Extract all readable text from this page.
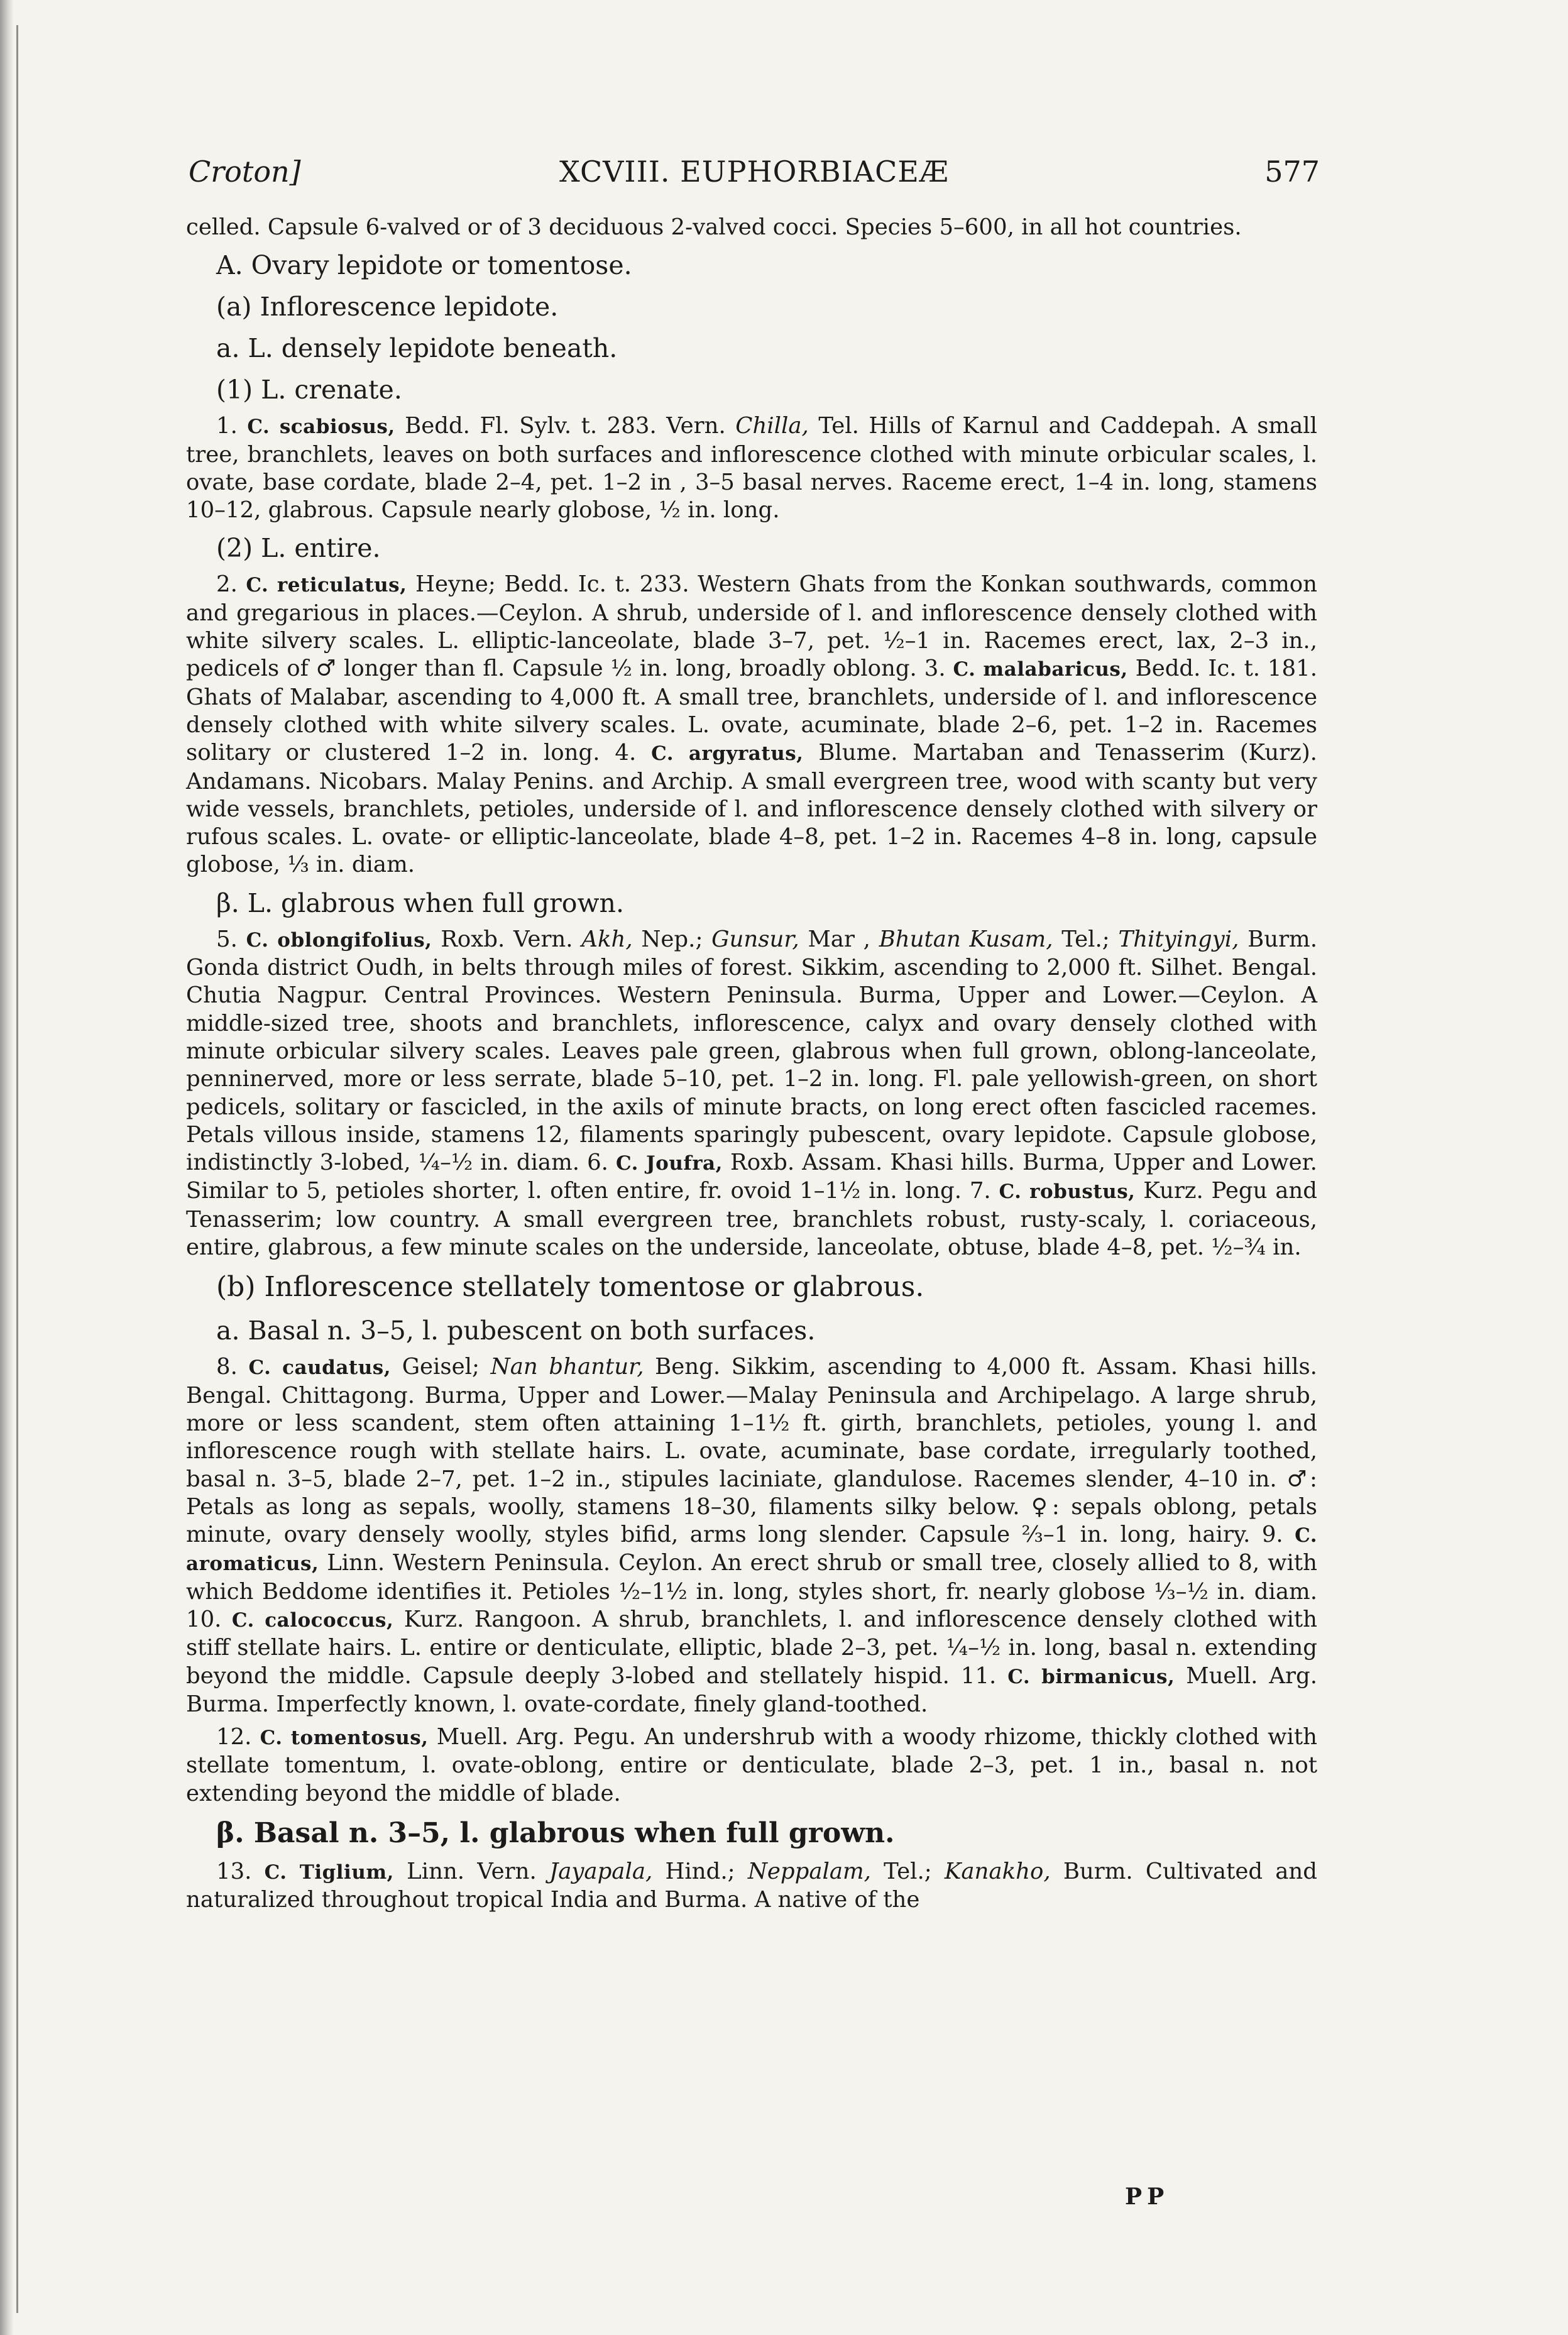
XCVIII. EUPHORBIACEÆ
Croton]	577

celled. Capsule 6-valved or of 3 deciduous 2-valved cocci. Species 5–600, in all hot countries.

A. Ovary lepidote or tomentose.

(a) Inflorescence lepidote.

a. L. densely lepidote beneath.

(1) L. crenate.

1. C. scabiosus, Bedd. Fl. Sylv. t. 283. Vern. Chilla, Tel. Hills of Karnul and Caddepah. A small tree, branchlets, leaves on both surfaces and inflorescence clothed with minute orbicular scales, l. ovate, base cordate, blade 2–4, pet. 1–2 in , 3–5 basal nerves. Raceme erect, 1–4 in. long, stamens 10–12, glabrous. Capsule nearly globose, ½ in. long.

(2) L. entire.

2. C. reticulatus, Heyne; Bedd. Ic. t. 233. Western Ghats from the Konkan southwards, common and gregarious in places.—Ceylon. A shrub, underside of l. and inflorescence densely clothed with white silvery scales. L. elliptic-lanceolate, blade 3–7, pet. ½–1 in. Racemes erect, lax, 2–3 in., pedicels of ♂ longer than fl. Capsule ½ in. long, broadly oblong. 3. C. malabaricus, Bedd. Ic. t. 181. Ghats of Malabar, ascending to 4,000 ft. A small tree, branchlets, underside of l. and inflorescence densely clothed with white silvery scales. L. ovate, acuminate, blade 2–6, pet. 1–2 in. Racemes solitary or clustered 1–2 in. long. 4. C. argyratus, Blume. Martaban and Tenasserim (Kurz). Andamans. Nicobars. Malay Penins. and Archip. A small evergreen tree, wood with scanty but very wide vessels, branchlets, petioles, underside of l. and inflorescence densely clothed with silvery or rufous scales. L. ovate- or elliptic-lanceolate, blade 4–8, pet. 1–2 in. Racemes 4–8 in. long, capsule globose, ⅓ in. diam.

β. L. glabrous when full grown.

5. C. oblongifolius, Roxb. Vern. Akh, Nep.; Gunsur, Mar , Bhutan Kusam, Tel.; Thityingyi, Burm. Gonda district Oudh, in belts through miles of forest. Sikkim, ascending to 2,000 ft. Silhet. Bengal. Chutia Nagpur. Central Provinces. Western Peninsula. Burma, Upper and Lower.—Ceylon. A middle-sized tree, shoots and branchlets, inflorescence, calyx and ovary densely clothed with minute orbicular silvery scales. Leaves pale green, glabrous when full grown, oblong-lanceolate, penninerved, more or less serrate, blade 5–10, pet. 1–2 in. long. Fl. pale yellowish-green, on short pedicels, solitary or fascicled, in the axils of minute bracts, on long erect often fascicled racemes. Petals villous inside, stamens 12, filaments sparingly pubescent, ovary lepidote. Capsule globose, indistinctly 3-lobed, ¼–½ in. diam. 6. C. Joufra, Roxb. Assam. Khasi hills. Burma, Upper and Lower. Similar to 5, petioles shorter, l. often entire, fr. ovoid 1–1½ in. long. 7. C. robustus, Kurz. Pegu and Tenasserim; low country. A small evergreen tree, branchlets robust, rusty-scaly, l. coriaceous, entire, glabrous, a few minute scales on the underside, lanceolate, obtuse, blade 4–8, pet. ½–¾ in.

(b) Inflorescence stellately tomentose or glabrous.

a. Basal n. 3–5, l. pubescent on both surfaces.

8. C. caudatus, Geisel; Nan bhantur, Beng. Sikkim, ascending to 4,000 ft. Assam. Khasi hills. Bengal. Chittagong. Burma, Upper and Lower.—Malay Peninsula and Archipelago. A large shrub, more or less scandent, stem often attaining 1–1½ ft. girth, branchlets, petioles, young l. and inflorescence rough with stellate hairs. L. ovate, acuminate, base cordate, irregularly toothed, basal n. 3–5, blade 2–7, pet. 1–2 in., stipules laciniate, glandulose. Racemes slender, 4–10 in. ♂: Petals as long as sepals, woolly, stamens 18–30, filaments silky below. ♀: sepals oblong, petals minute, ovary densely woolly, styles bifid, arms long slender. Capsule ⅔–1 in. long, hairy. 9. C. aromaticus, Linn. Western Peninsula. Ceylon. An erect shrub or small tree, closely allied to 8, with which Beddome identifies it. Petioles ½–1½ in. long, styles short, fr. nearly globose ⅓–½ in. diam. 10. C. calococcus, Kurz. Rangoon. A shrub, branchlets, l. and inflorescence densely clothed with stiff stellate hairs. L. entire or denticulate, elliptic, blade 2–3, pet. ¼–½ in. long, basal n. extending beyond the middle. Capsule deeply 3-lobed and stellately hispid. 11. C. birmanicus, Muell. Arg. Burma. Imperfectly known, l. ovate-cordate, finely gland-toothed.

12. C. tomentosus, Muell. Arg. Pegu. An undershrub with a woody rhizome, thickly clothed with stellate tomentum, l. ovate-oblong, entire or denticulate, blade 2–3, pet. 1 in., basal n. not extending beyond the middle of blade.

β. Basal n. 3–5, l. glabrous when full grown.

13. C. Tiglium, Linn. Vern. Jayapala, Hind.; Neppalam, Tel.; Kanakho, Burm. Cultivated and naturalized throughout tropical India and Burma. A native of the

PP
